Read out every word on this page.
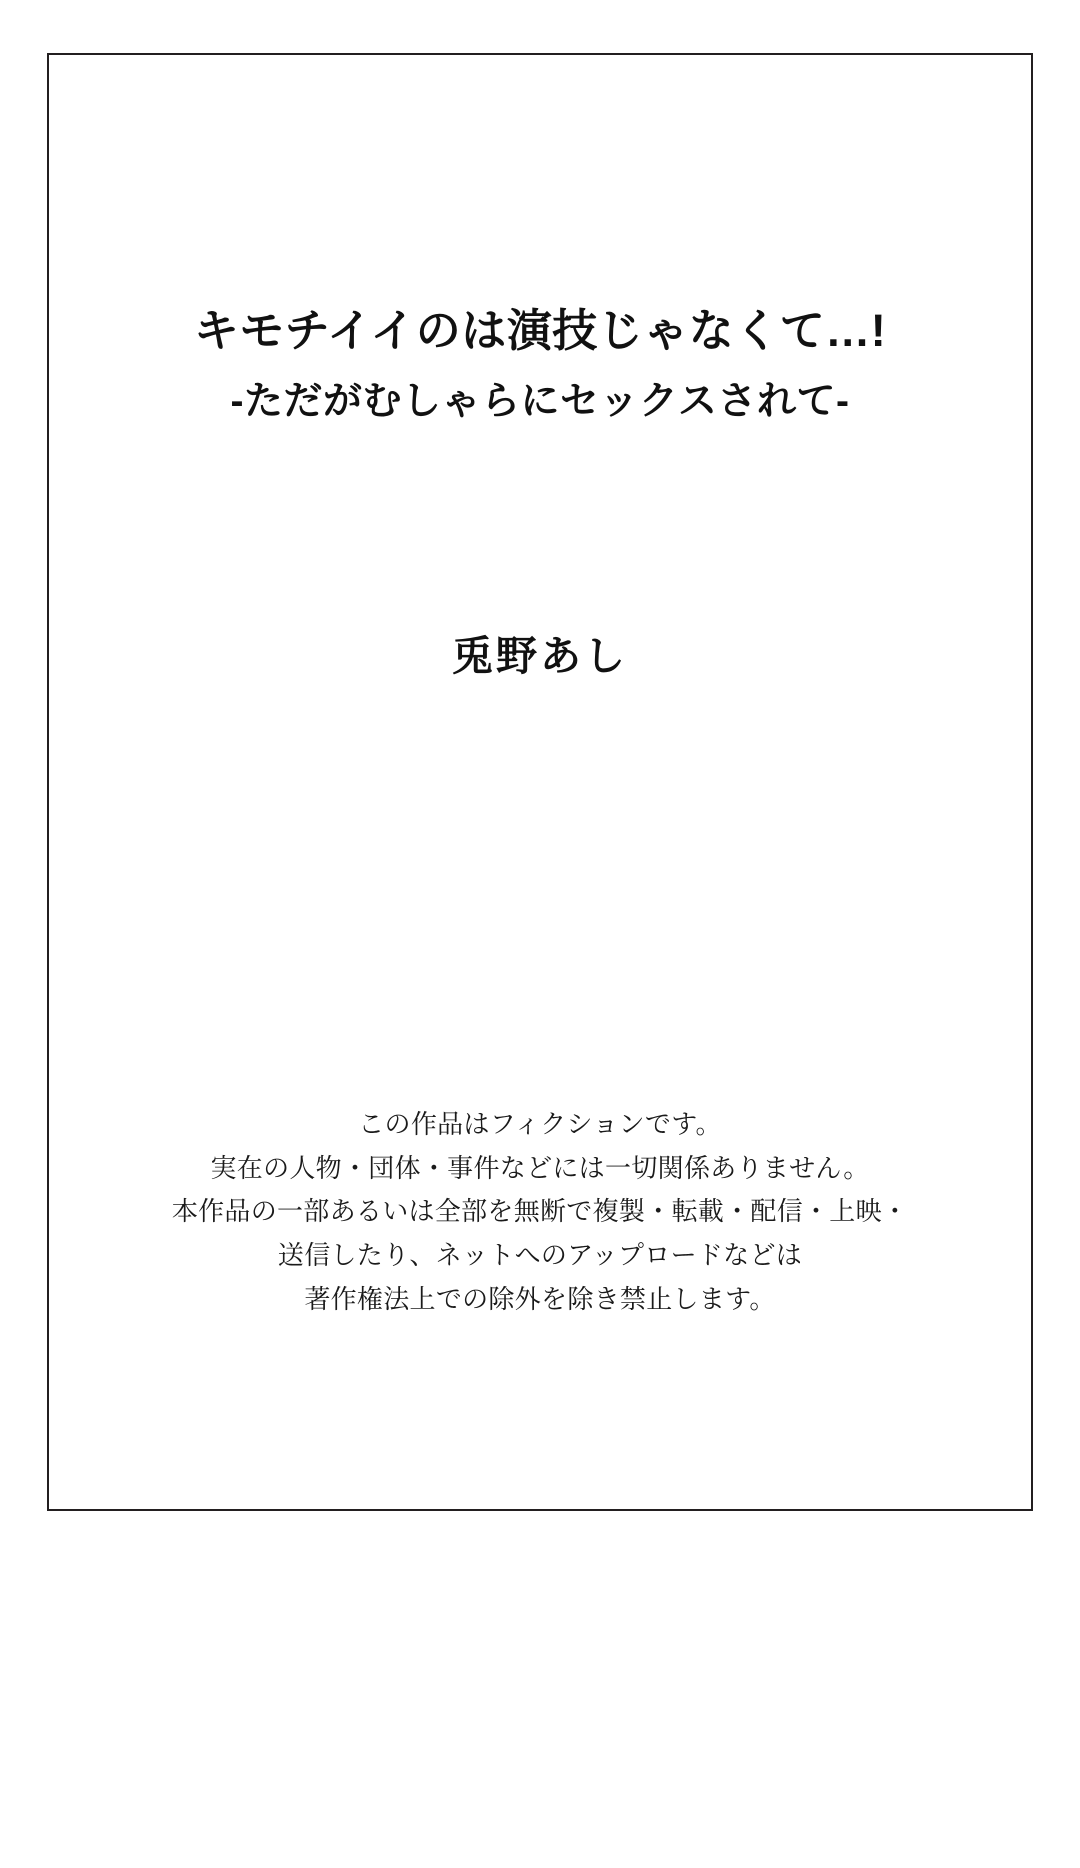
キモチイイのは演技じゃなくて…!
-ただがむしゃらにセックスされて-
兎野あし
この作品はフィクションです。
実在の人物・団体・事件などには一切関係ありません。
本作品の一部あるいは全部を無断で複製・転載・配信・上映・
送信したり、ネットへのアップロードなどは
著作権法上での除外を除き禁止します。
